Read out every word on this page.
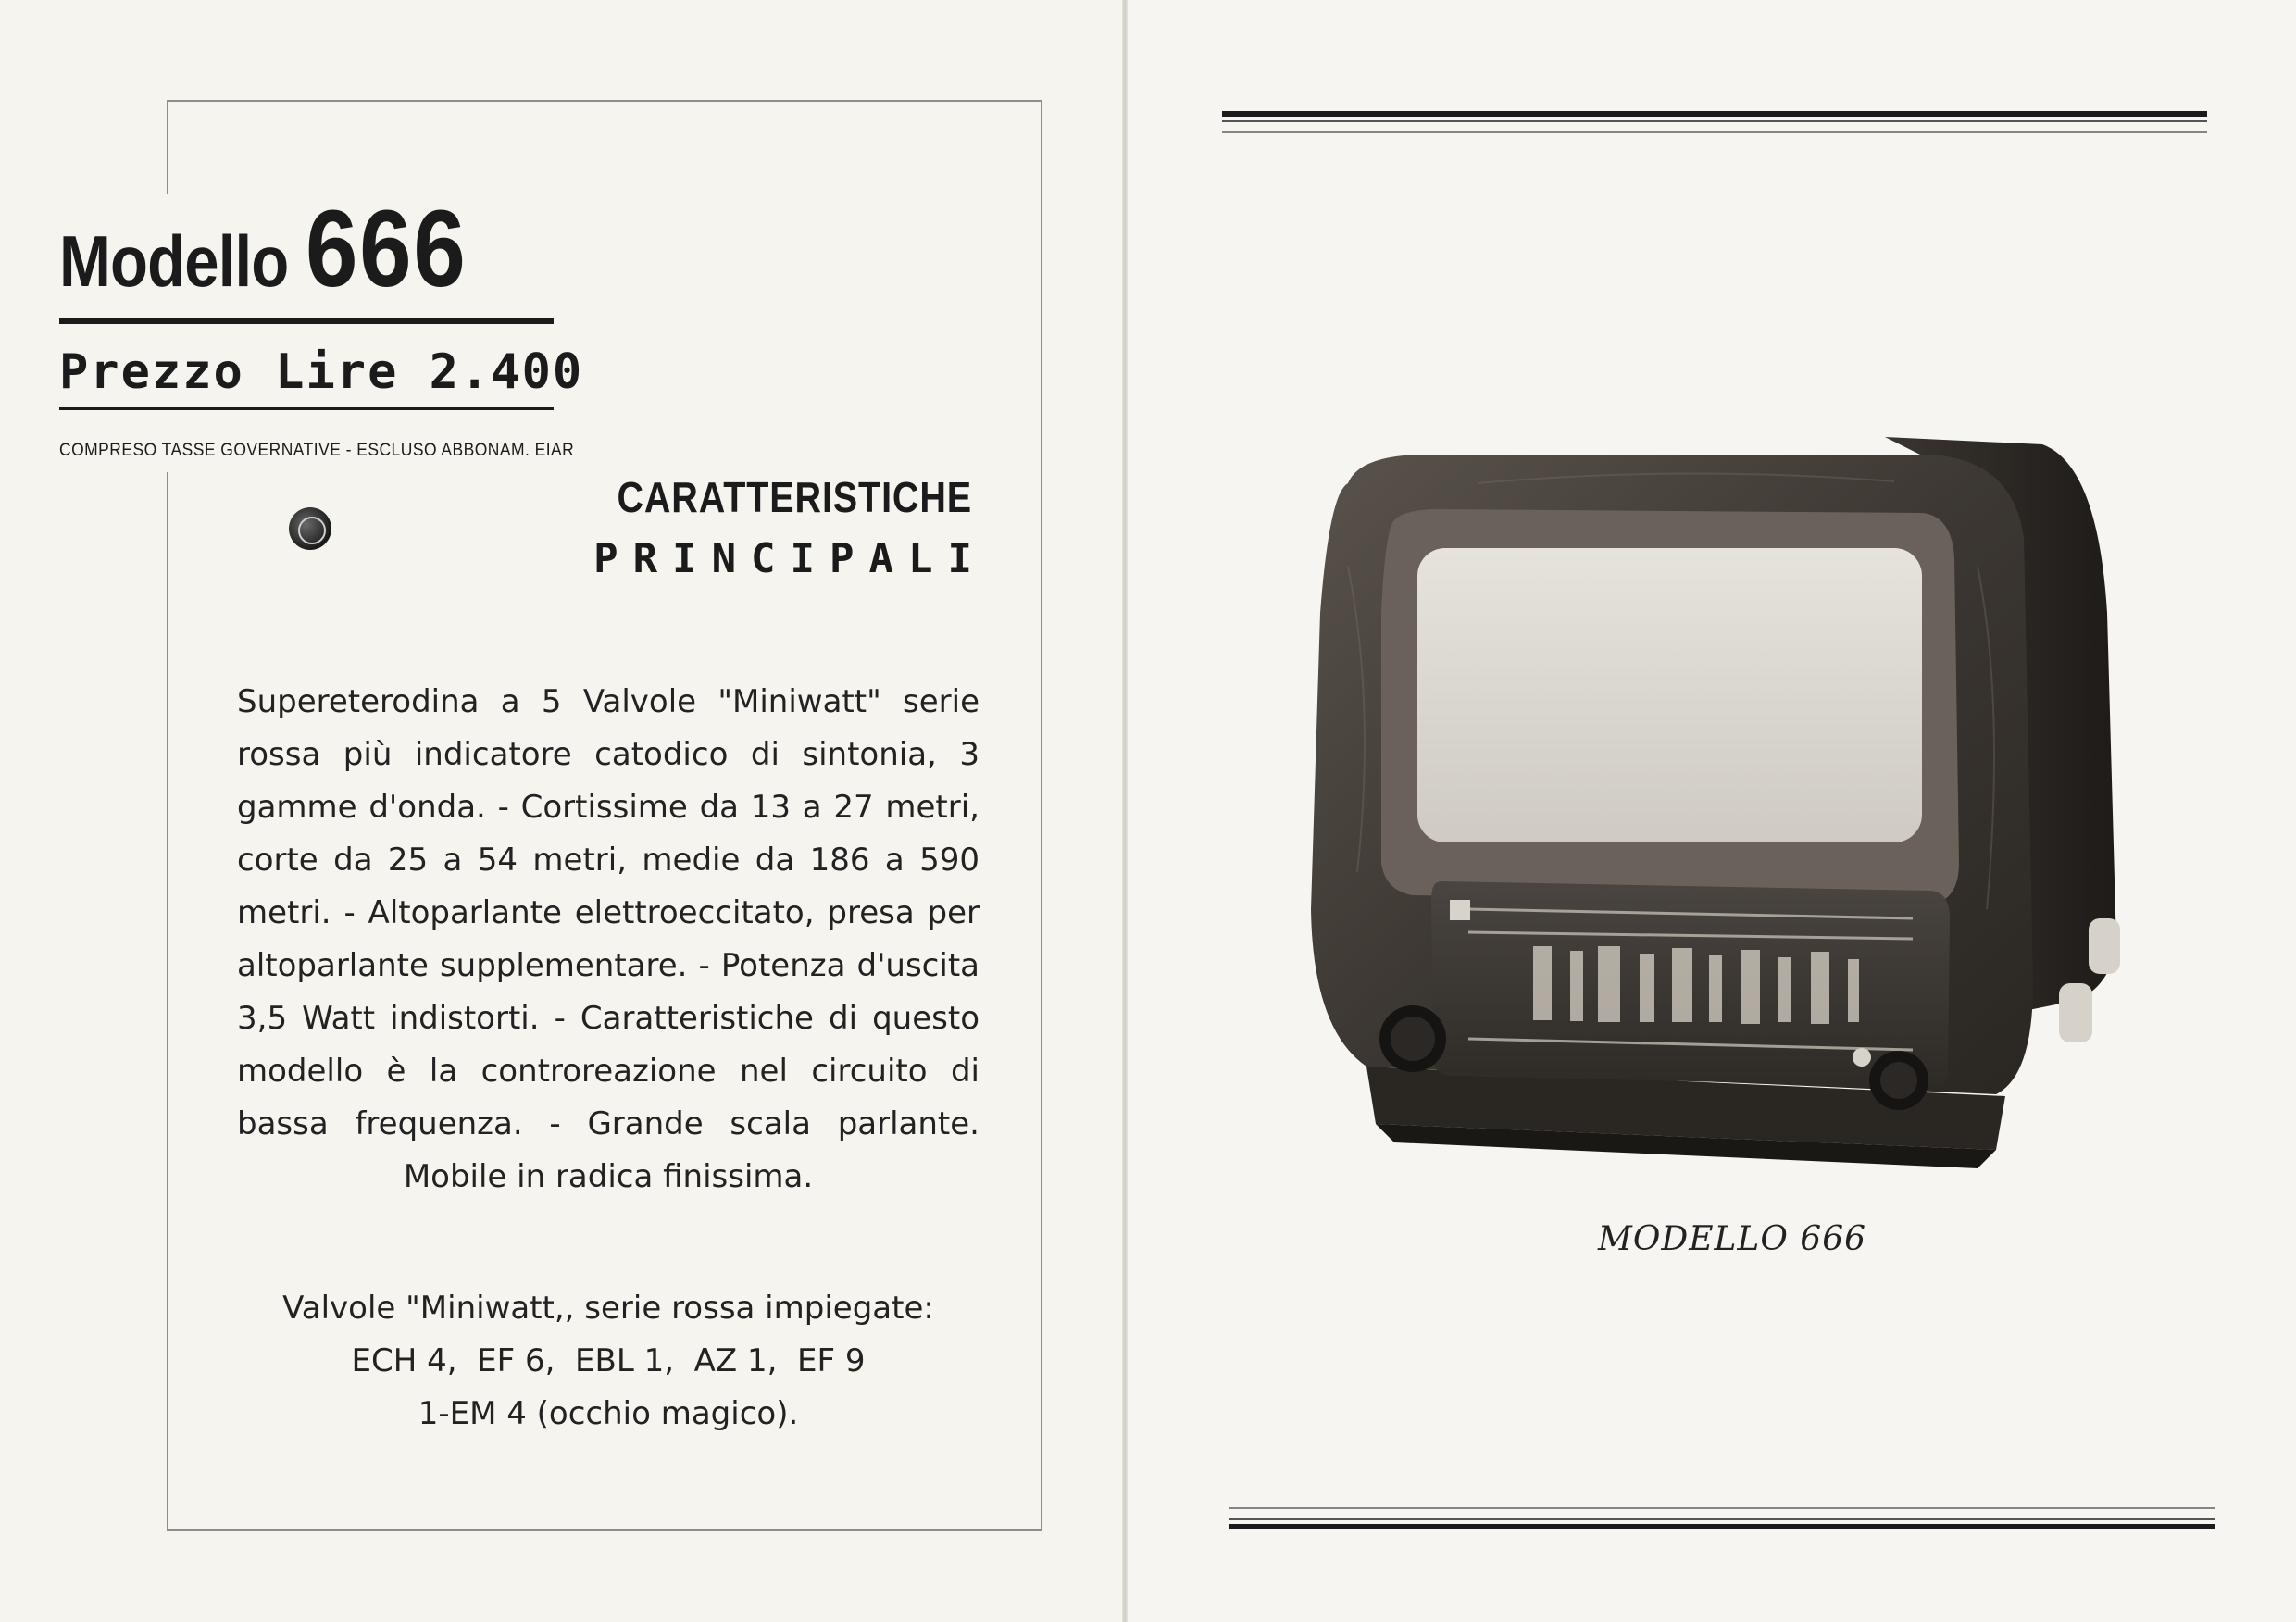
Modello 666
Prezzo Lire 2.400
COMPRESO TASSE GOVERNATIVE - ESCLUSO ABBONAM. EIAR
CARATTERISTICHE
PRINCIPALI
Supereterodina a 5 Valvole "Miniwatt" serie rossa più indicatore catodico di sintonia, 3 gamme d'onda. - Cortissime da 13 a 27 metri, corte da 25 a 54 metri, medie da 186 a 590 metri. - Altoparlante elettroeccitato, presa per altoparlante supplementare. - Potenza d'uscita 3,5 Watt indistorti. - Caratteristiche di questo modello è la controreazione nel circuito di bassa frequenza. - Grande scala parlante. Mobile in radica finissima.
Valvole "Miniwatt,, serie rossa impiegate:
ECH 4,  EF 6,  EBL 1,  AZ 1,  EF 9
1-EM 4 (occhio magico).
MODELLO 666
